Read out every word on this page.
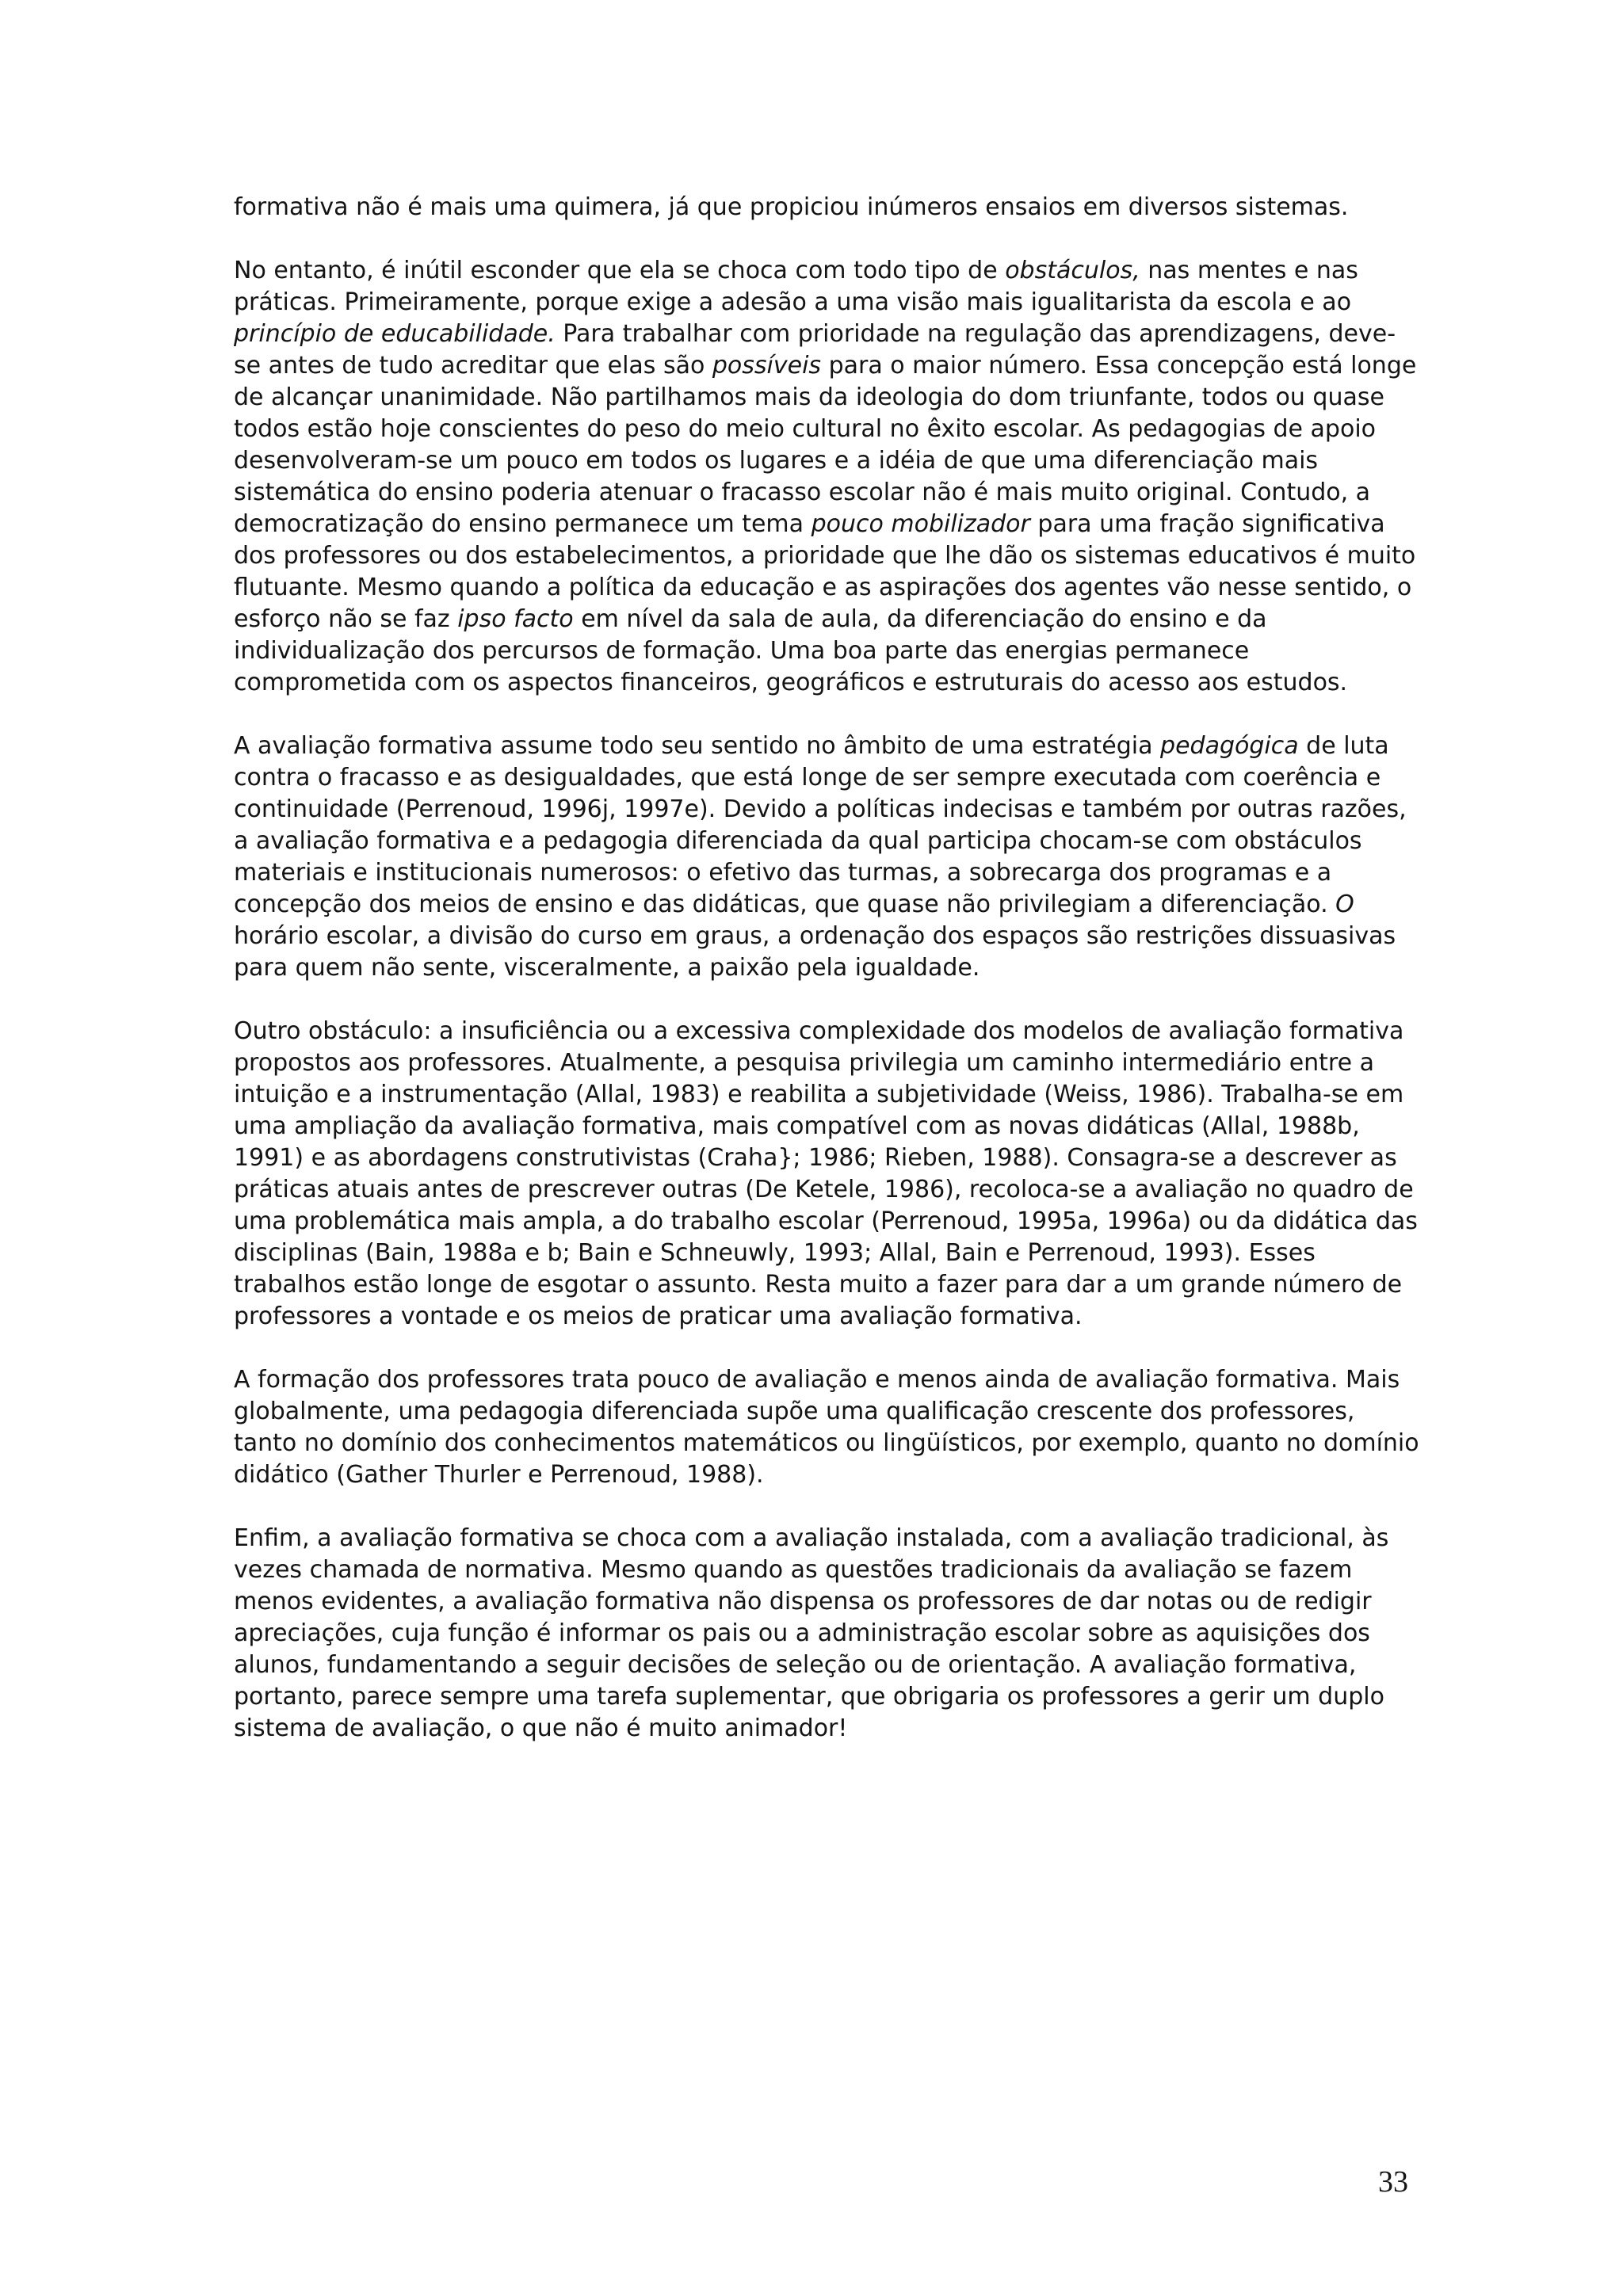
formativa não é mais uma quimera, já que propiciou inúmeros ensaios em diversos sistemas.

No entanto, é inútil esconder que ela se choca com todo tipo de obstáculos, nas mentes e nas práticas. Primeiramente, porque exige a adesão a uma visão mais igualitarista da escola e ao princípio de educabilidade. Para trabalhar com prioridade na regulação das aprendizagens, deve-se antes de tudo acreditar que elas são possíveis para o maior número. Essa concepção está longe de alcançar unanimidade. Não partilhamos mais da ideologia do dom triunfante, todos ou quase todos estão hoje conscientes do peso do meio cultural no êxito escolar. As pedagogias de apoio desenvolveram-se um pouco em todos os lugares e a idéia de que uma diferenciação mais sistemática do ensino poderia atenuar o fracasso escolar não é mais muito original. Contudo, a democratização do ensino permanece um tema pouco mobilizador para uma fração significativa dos professores ou dos estabelecimentos, a prioridade que lhe dão os sistemas educativos é muito flutuante. Mesmo quando a política da educação e as aspirações dos agentes vão nesse sentido, o esforço não se faz ipso facto em nível da sala de aula, da diferenciação do ensino e da individualização dos percursos de formação. Uma boa parte das energias permanece comprometida com os aspectos financeiros, geográficos e estruturais do acesso aos estudos.

A avaliação formativa assume todo seu sentido no âmbito de uma estratégia pedagógica de luta contra o fracasso e as desigualdades, que está longe de ser sempre executada com coerência e continuidade (Perrenoud, 1996j, 1997e). Devido a políticas indecisas e também por outras razões, a avaliação formativa e a pedagogia diferenciada da qual participa chocam-se com obstáculos materiais e institucionais numerosos: o efetivo das turmas, a sobrecarga dos programas e a concepção dos meios de ensino e das didáticas, que quase não privilegiam a diferenciação. O horário escolar, a divisão do curso em graus, a ordenação dos espaços são restrições dissuasivas para quem não sente, visceralmente, a paixão pela igualdade.

Outro obstáculo: a insuficiência ou a excessiva complexidade dos modelos de avaliação formativa propostos aos professores. Atualmente, a pesquisa privilegia um caminho intermediário entre a intuição e a instrumentação (Allal, 1983) e reabilita a subjetividade (Weiss, 1986). Trabalha-se em uma ampliação da avaliação formativa, mais compatível com as novas didáticas (Allal, 1988b, 1991) e as abordagens construtivistas (Craha}; 1986; Rieben, 1988). Consagra-se a descrever as práticas atuais antes de prescrever outras (De Ketele, 1986), recoloca-se a avaliação no quadro de uma problemática mais ampla, a do trabalho escolar (Perrenoud, 1995a, 1996a) ou da didática das disciplinas (Bain, 1988a e b; Bain e Schneuwly, 1993; Allal, Bain e Perrenoud, 1993). Esses trabalhos estão longe de esgotar o assunto. Resta muito a fazer para dar a um grande número de professores a vontade e os meios de praticar uma avaliação formativa.

A formação dos professores trata pouco de avaliação e menos ainda de avaliação formativa. Mais globalmente, uma pedagogia diferenciada supõe uma qualificação crescente dos professores, tanto no domínio dos conhecimentos matemáticos ou lingüísticos, por exemplo, quanto no domínio didático (Gather Thurler e Perrenoud, 1988).

Enfim, a avaliação formativa se choca com a avaliação instalada, com a avaliação tradicional, às vezes chamada de normativa. Mesmo quando as questões tradicionais da avaliação se fazem menos evidentes, a avaliação formativa não dispensa os professores de dar notas ou de redigir apreciações, cuja função é informar os pais ou a administração escolar sobre as aquisições dos alunos, fundamentando a seguir decisões de seleção ou de orientação. A avaliação formativa, portanto, parece sempre uma tarefa suplementar, que obrigaria os professores a gerir um duplo sistema de avaliação, o que não é muito animador!

33
